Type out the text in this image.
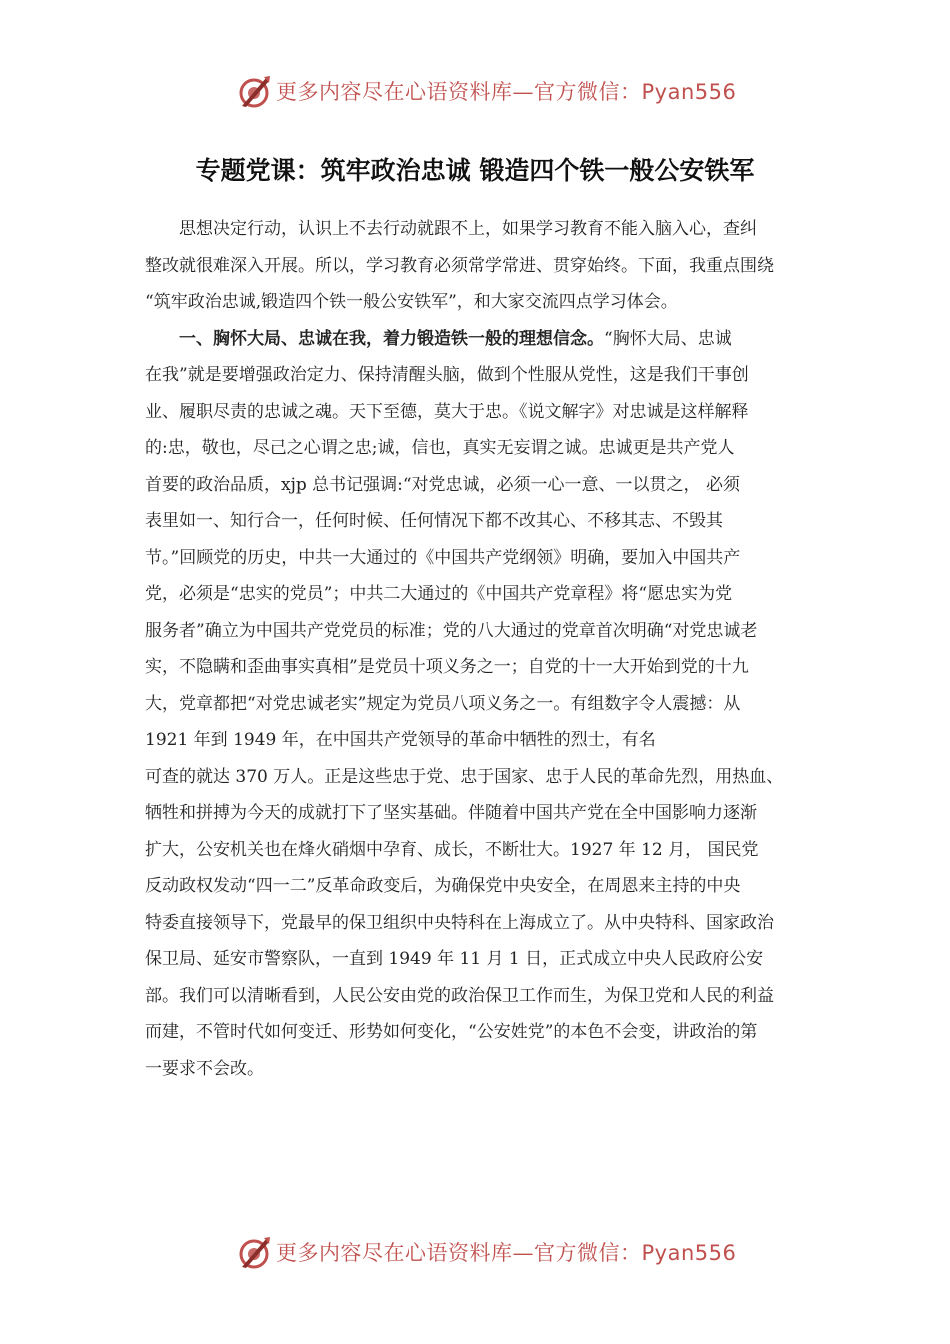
更多内容尽在心语资料库—官方微信：Pyan556
专题党课：筑牢政治忠诚 锻造四个铁一般公安铁军
思想决定行动，认识上不去行动就跟不上，如果学习教育不能入脑入心，查纠
整改就很难深入开展。所以，学习教育必须常学常进、贯穿始终。下面，我重点围绕
“筑牢政治忠诚,锻造四个铁一般公安铁军”，和大家交流四点学习体会。
一、胸怀大局、忠诚在我，着力锻造铁一般的理想信念。“胸怀大局、忠诚
在我”就是要增强政治定力、保持清醒头脑，做到个性服从党性，这是我们干事创
业、履职尽责的忠诚之魂。天下至德，莫大于忠。《说文解字》对忠诚是这样解释
的:忠，敬也，尽己之心谓之忠;诚，信也，真实无妄谓之诚。忠诚更是共产党人
首要的政治品质，xjp 总书记强调:“对党忠诚，必须一心一意、一以贯之， 必须
表里如一、知行合一，任何时候、任何情况下都不改其心、不移其志、不毁其
节。”回顾党的历史，中共一大通过的《中国共产党纲领》明确，要加入中国共产
党，必须是“忠实的党员”；中共二大通过的《中国共产党章程》将“愿忠实为党
服务者”确立为中国共产党党员的标准；党的八大通过的党章首次明确“对党忠诚老
实，不隐瞒和歪曲事实真相”是党员十项义务之一；自党的十一大开始到党的十九
大，党章都把“对党忠诚老实”规定为党员八项义务之一。有组数字令人震撼：从
1921 年到 1949 年，在中国共产党领导的革命中牺牲的烈士，有名
可查的就达 370 万人。正是这些忠于党、忠于国家、忠于人民的革命先烈，用热血、
牺牲和拼搏为今天的成就打下了坚实基础。伴随着中国共产党在全中国影响力逐渐
扩大，公安机关也在烽火硝烟中孕育、成长，不断壮大。1927 年 12 月， 国民党
反动政权发动“四一二”反革命政变后，为确保党中央安全，在周恩来主持的中央
特委直接领导下，党最早的保卫组织中央特科在上海成立了。从中央特科、国家政治
保卫局、延安市警察队，一直到 1949 年 11 月 1 日，正式成立中央人民政府公安
部。我们可以清晰看到，人民公安由党的政治保卫工作而生，为保卫党和人民的利益
而建，不管时代如何变迁、形势如何变化，“公安姓党”的本色不会变，讲政治的第
一要求不会改。
更多内容尽在心语资料库—官方微信：Pyan556
